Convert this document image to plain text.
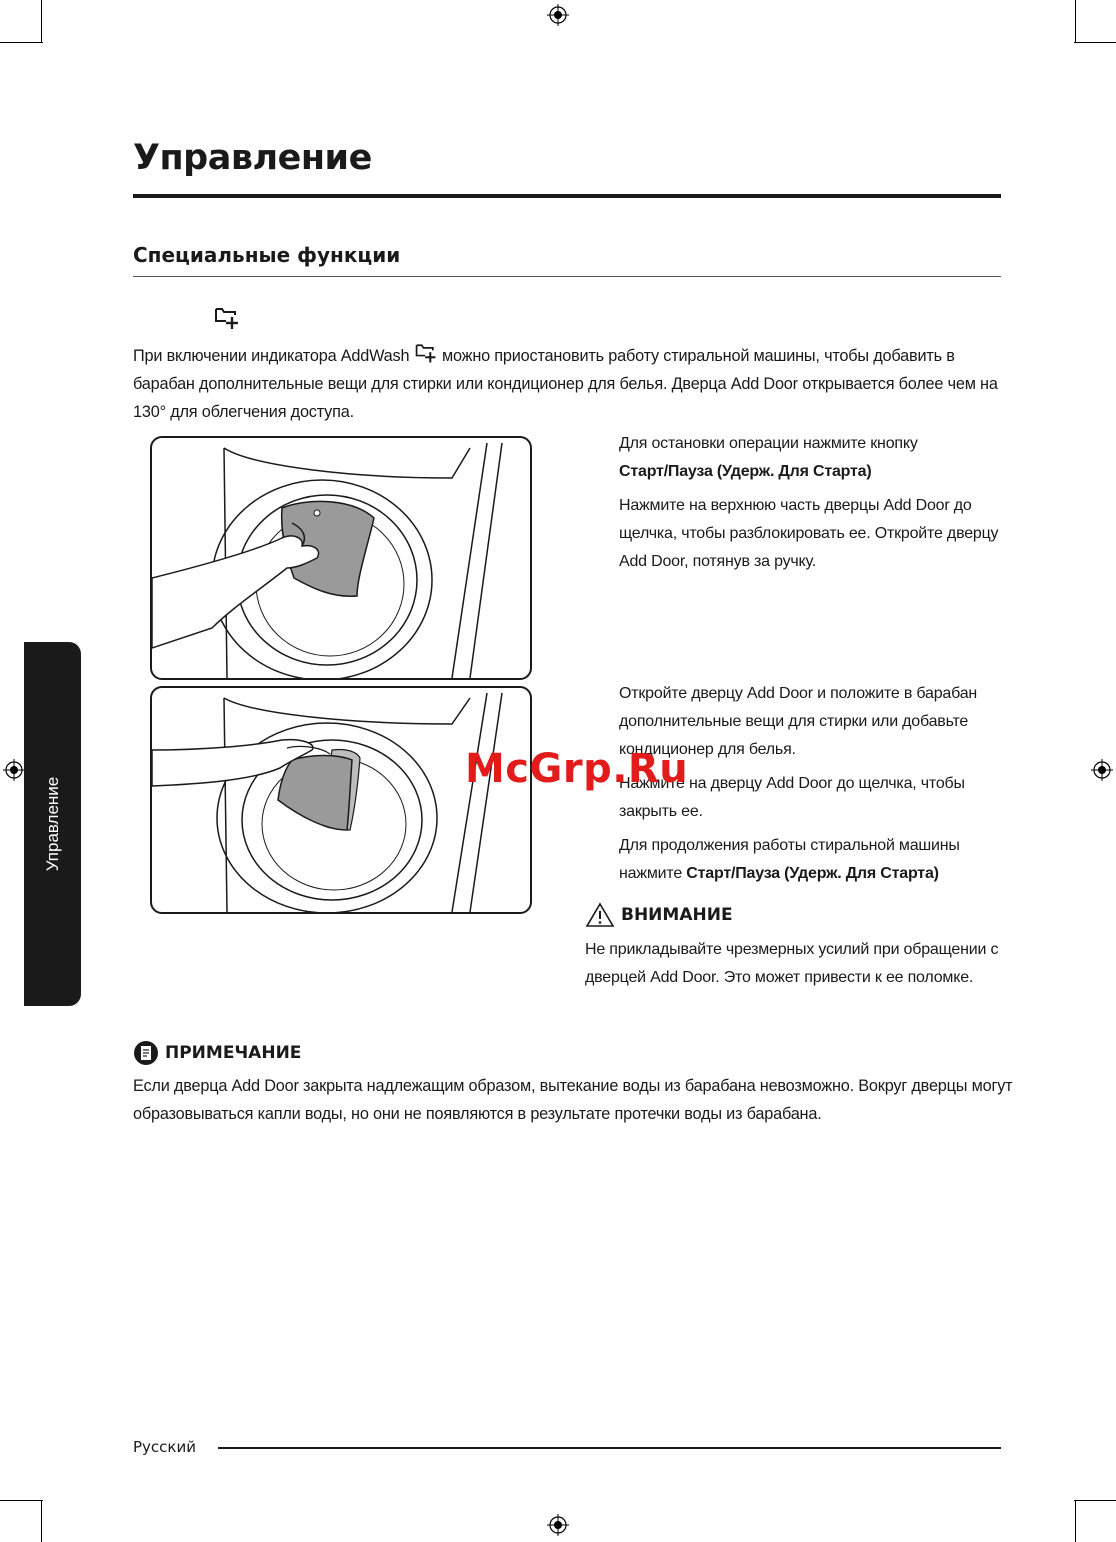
Управление
Специальные функции

При включении индикатора AddWash  можно приостановить работу стиральной машины, чтобы добавить в барабан дополнительные вещи для стирки или кондиционер для белья. Дверца Add Door открывается более чем на 130° для облегчения доступа.

Для остановки операции нажмите кнопку
Старт/Пауза (Удерж. Для Старта)

Нажмите на верхнюю часть дверцы Add Door до щелчка, чтобы разблокировать ее. Откройте дверцу Add Door, потянув за ручку.

Откройте дверцу Add Door и положите в барабан дополнительные вещи для стирки или добавьте кондиционер для белья.

Нажмите на дверцу Add Door до щелчка, чтобы закрыть ее.

Для продолжения работы стиральной машины нажмите Старт/Пауза (Удерж. Для Старта)

ВНИМАНИЕ

Не прикладывайте чрезмерных усилий при обращении с дверцей Add Door. Это может привести к ее поломке.

ПРИМЕЧАНИЕ

Если дверца Add Door закрыта надлежащим образом, вытекание воды из барабана невозможно. Вокруг дверцы могут образовываться капли воды, но они не появляются в результате протечки воды из барабана.

Управление
McGrp.Ru
Русский
